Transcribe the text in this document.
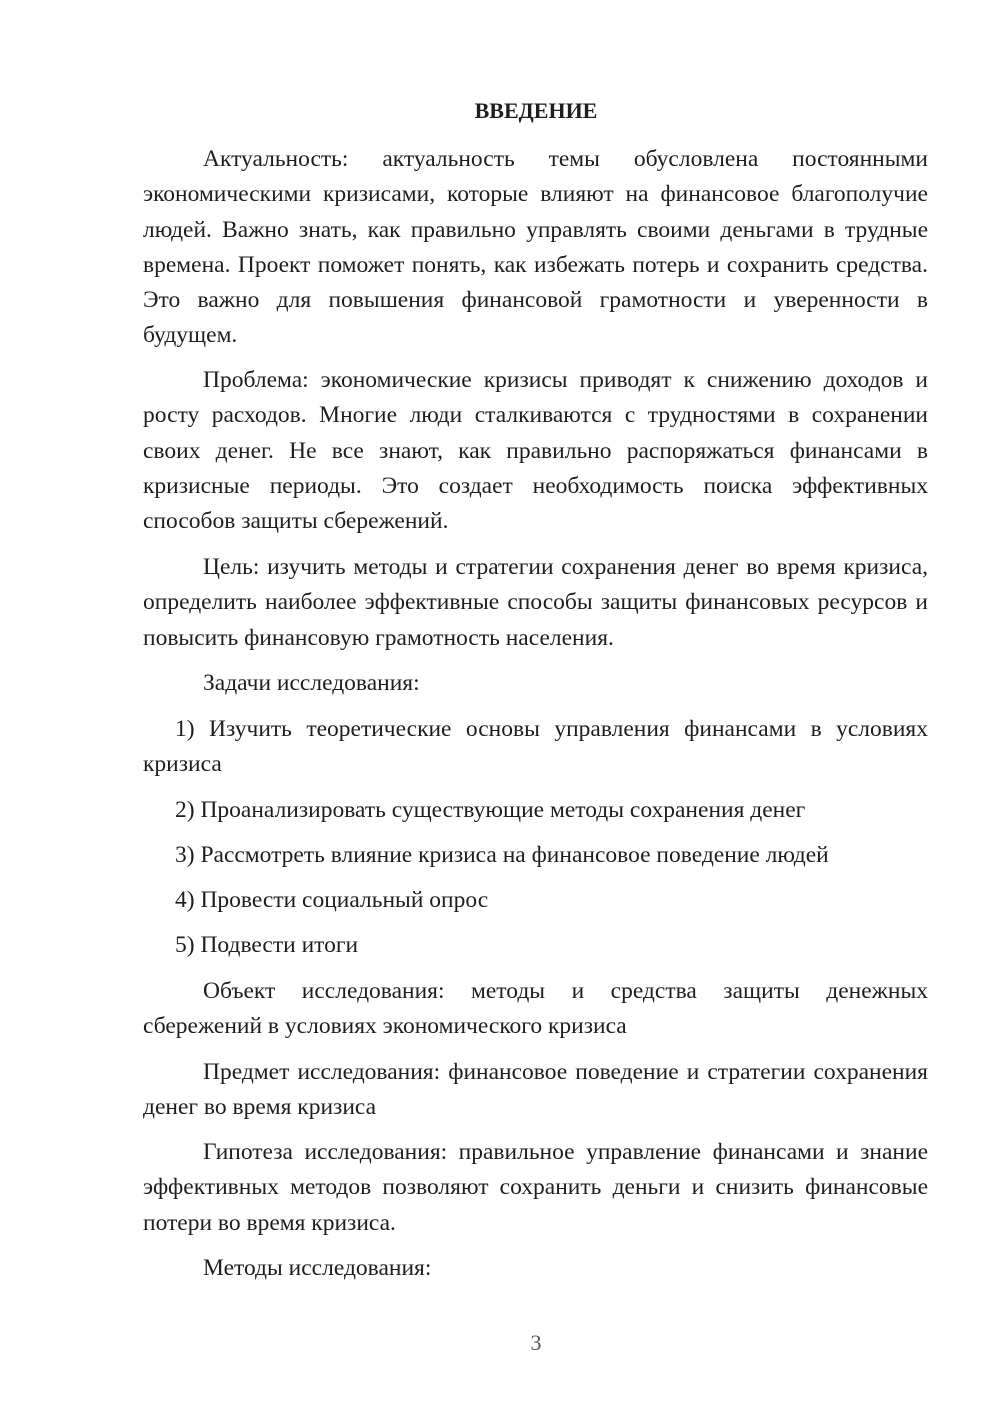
ВВЕДЕНИЕ

Актуальность: актуальность темы обусловлена постоянными экономическими кризисами, которые влияют на финансовое благополучие людей. Важно знать, как правильно управлять своими деньгами в трудные времена. Проект поможет понять, как избежать потерь и сохранить средства. Это важно для повышения финансовой грамотности и уверенности в будущем.

Проблема: экономические кризисы приводят к снижению доходов и росту расходов. Многие люди сталкиваются с трудностями в сохранении своих денег. Не все знают, как правильно распоряжаться финансами в кризисные периоды. Это создает необходимость поиска эффективных способов защиты сбережений.

Цель: изучить методы и стратегии сохранения денег во время кризиса, определить наиболее эффективные способы защиты финансовых ресурсов и повысить финансовую грамотность населения.

Задачи исследования:

1) Изучить теоретические основы управления финансами в условиях кризиса

2) Проанализировать существующие методы сохранения денег

3) Рассмотреть влияние кризиса на финансовое поведение людей

4) Провести социальный опрос

5) Подвести итоги

Объект исследования: методы и средства защиты денежных сбережений в условиях экономического кризиса

Предмет исследования: финансовое поведение и стратегии сохранения денег во время кризиса

Гипотеза исследования: правильное управление финансами и знание эффективных методов позволяют сохранить деньги и снизить финансовые потери во время кризиса.

Методы исследования:

3
